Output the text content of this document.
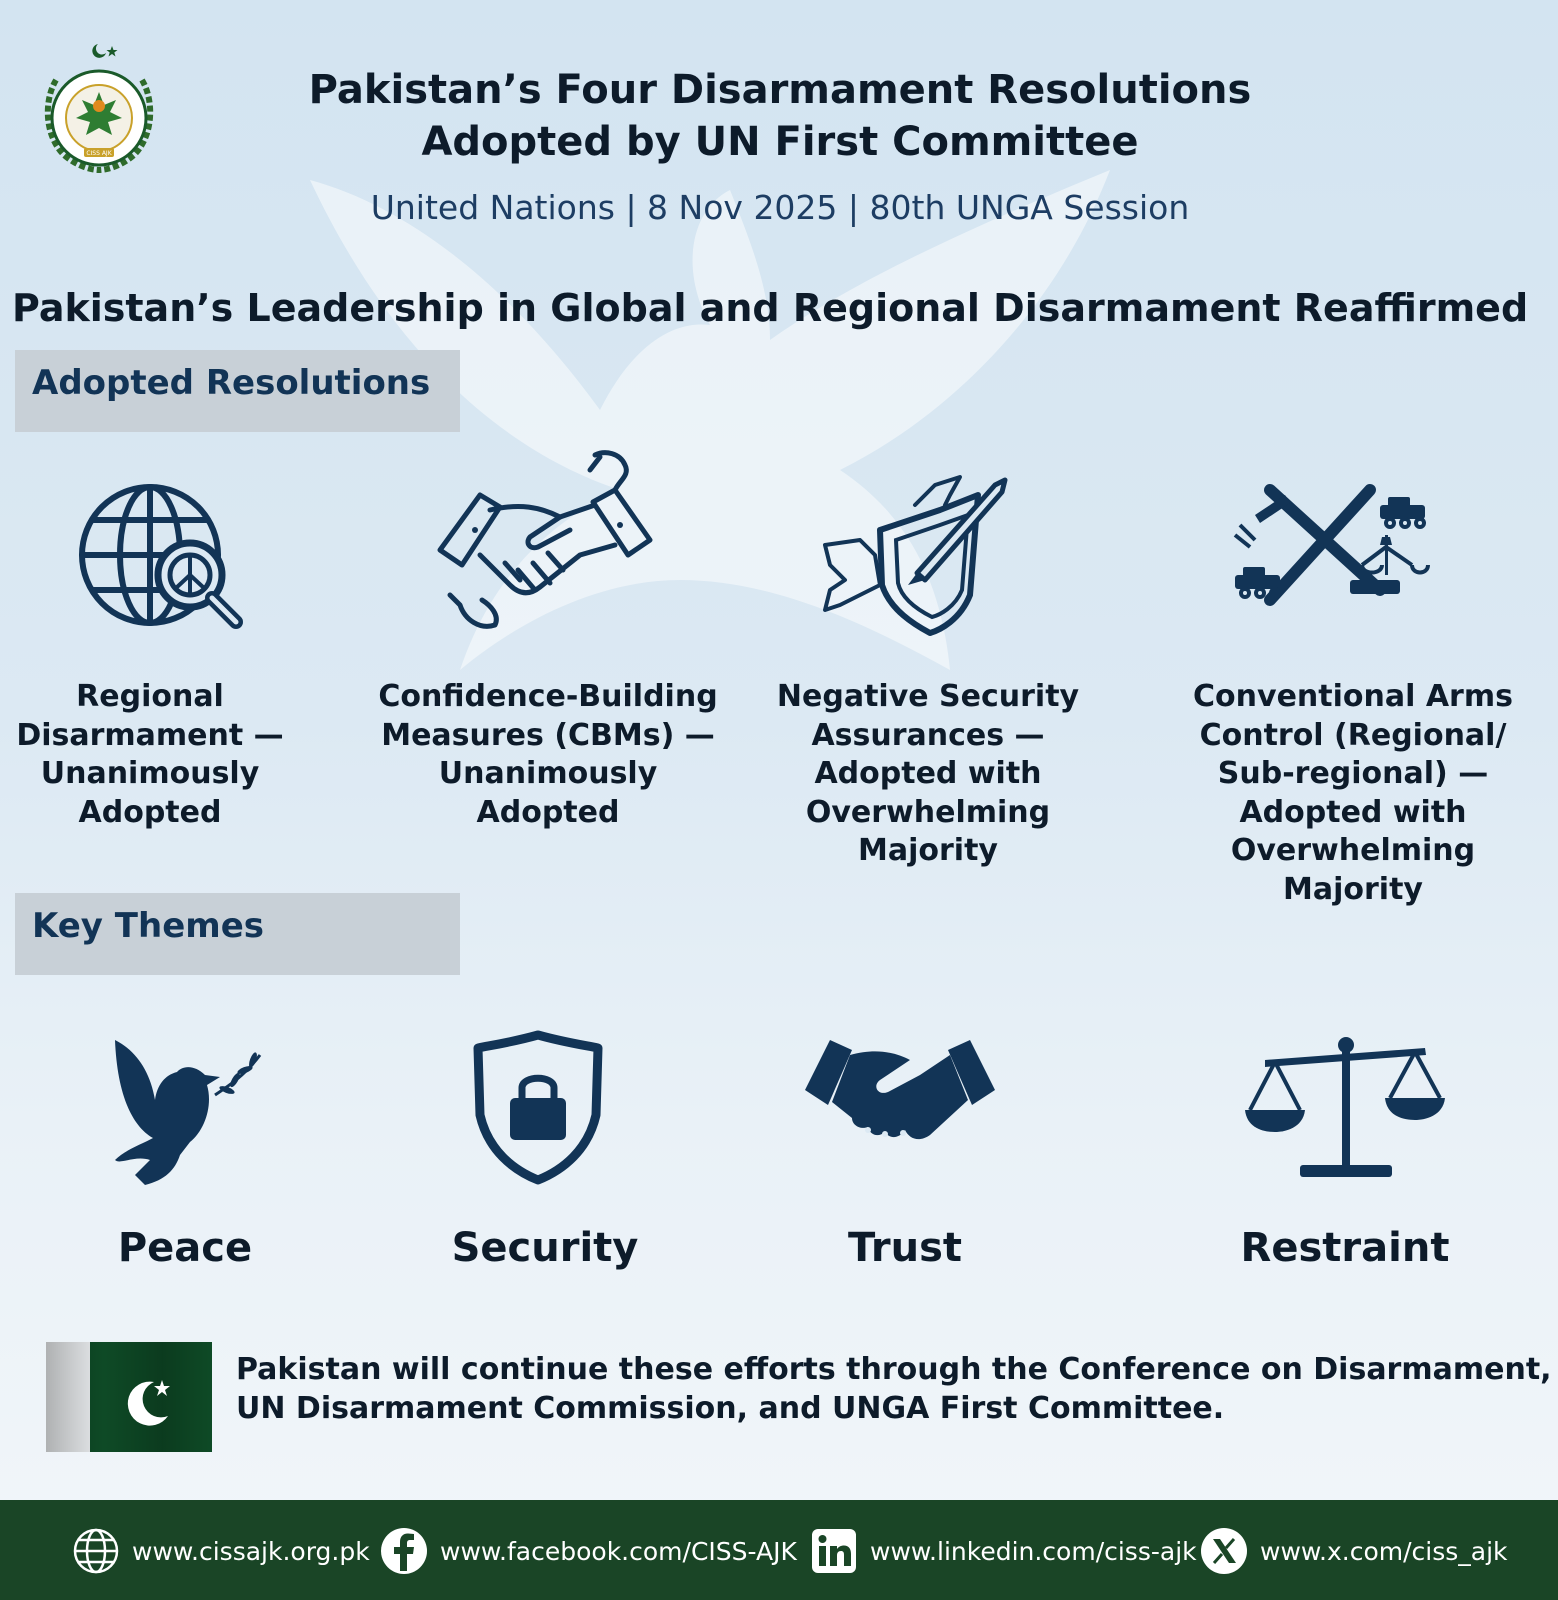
CISS AJK
Pakistan’s Four Disarmament Resolutions
Adopted by UN First Committee
United Nations | 8 Nov 2025 | 80th UNGA Session
Pakistan’s Leadership in Global and Regional Disarmament Reaffirmed
Adopted Resolutions
Regional Disarmament — Unanimously Adopted
Confidence-Building Measures (CBMs) — Unanimously Adopted
Negative Security Assurances — Adopted with Overwhelming Majority
Conventional Arms Control (Regional/ Sub-regional) — Adopted with Overwhelming Majority
Key Themes
Peace	Security	Trust	Restraint
Pakistan will continue these efforts through the Conference on Disarmament,
UN Disarmament Commission, and UNGA First Committee.
www.cissajk.org.pk	www.facebook.com/CISS-AJK	www.linkedin.com/ciss-ajk	www.x.com/ciss_ajk
